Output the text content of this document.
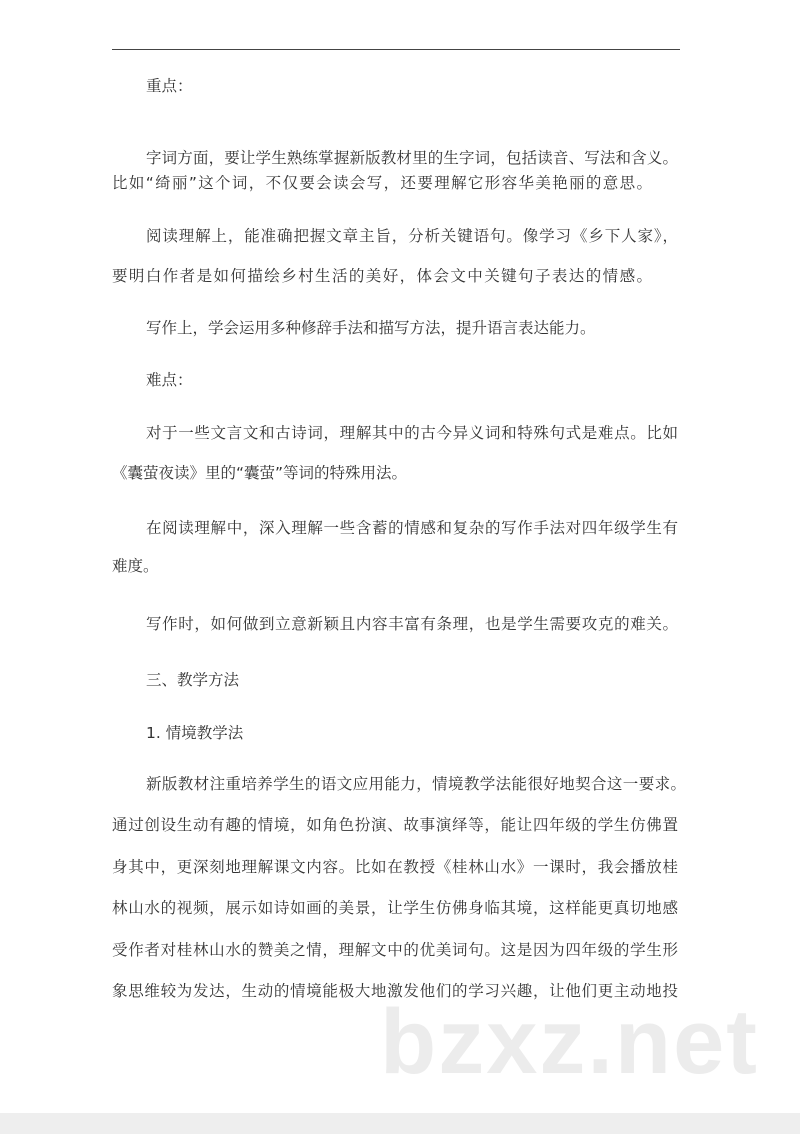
重点：
字词方面，要让学生熟练掌握新版教材里的生字词，包括读音、写法和含义。
比如“绮丽”这个词，不仅要会读会写，还要理解它形容华美艳丽的意思。
阅读理解上，能准确把握文章主旨，分析关键语句。像学习《乡下人家》，
要明白作者是如何描绘乡村生活的美好，体会文中关键句子表达的情感。
写作上，学会运用多种修辞手法和描写方法，提升语言表达能力。
难点：
对于一些文言文和古诗词，理解其中的古今异义词和特殊句式是难点。比如
《囊萤夜读》里的“囊萤”等词的特殊用法。
在阅读理解中，深入理解一些含蓄的情感和复杂的写作手法对四年级学生有
难度。
写作时，如何做到立意新颖且内容丰富有条理，也是学生需要攻克的难关。
三、教学方法
1. 情境教学法
新版教材注重培养学生的语文应用能力，情境教学法能很好地契合这一要求。
通过创设生动有趣的情境，如角色扮演、故事演绎等，能让四年级的学生仿佛置
身其中，更深刻地理解课文内容。比如在教授《桂林山水》一课时，我会播放桂
林山水的视频，展示如诗如画的美景，让学生仿佛身临其境，这样能更真切地感
受作者对桂林山水的赞美之情，理解文中的优美词句。这是因为四年级的学生形
象思维较为发达，生动的情境能极大地激发他们的学习兴趣，让他们更主动地投
bzxz.net
